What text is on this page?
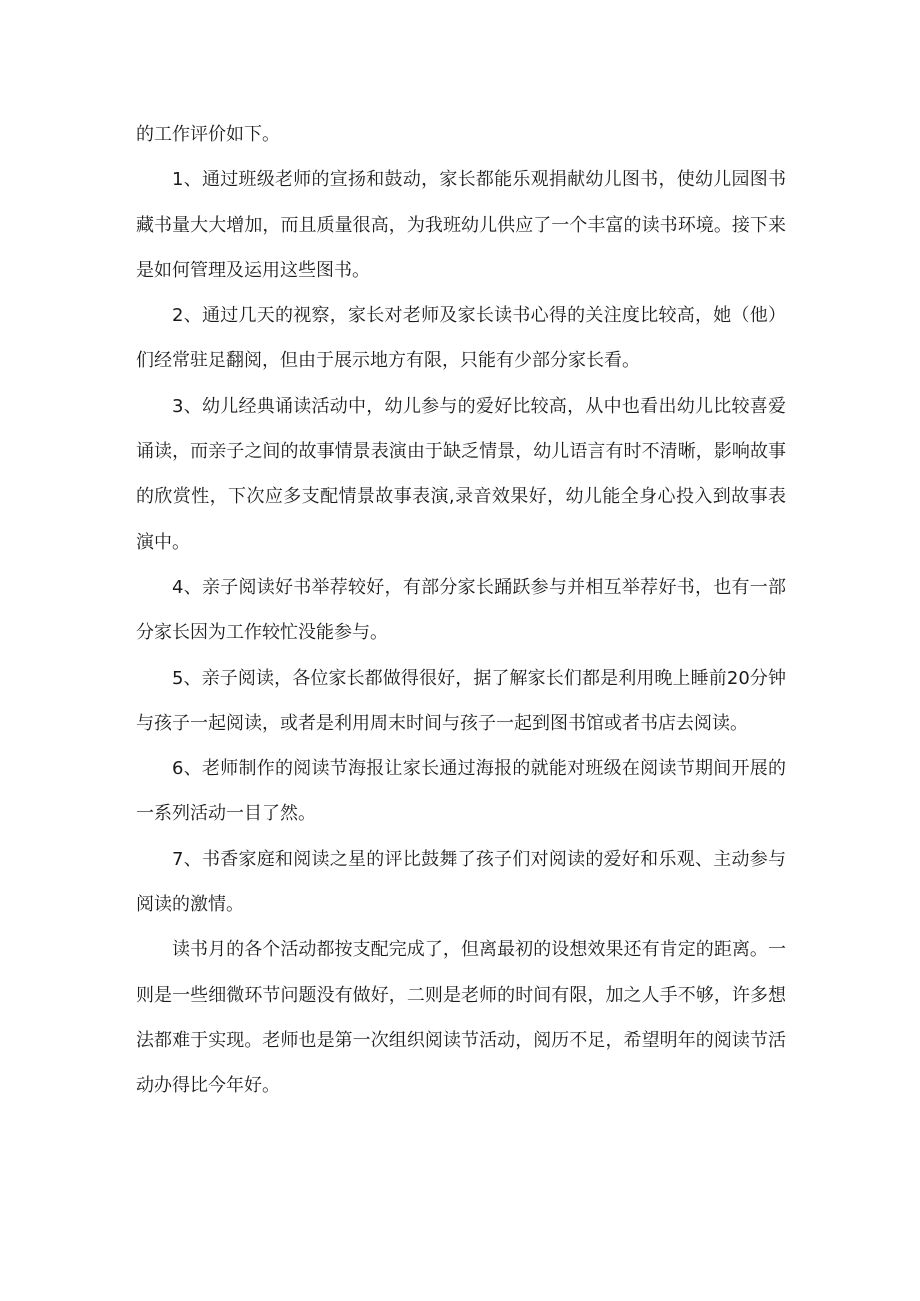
的工作评价如下。

1、通过班级老师的宣扬和鼓动，家长都能乐观捐献幼儿图书，使幼儿园图书藏书量大大增加，而且质量很高，为我班幼儿供应了一个丰富的读书环境。接下来是如何管理及运用这些图书。

2、通过几天的视察，家长对老师及家长读书心得的关注度比较高，她（他）们经常驻足翻阅，但由于展示地方有限，只能有少部分家长看。

3、幼儿经典诵读活动中，幼儿参与的爱好比较高，从中也看出幼儿比较喜爱诵读，而亲子之间的故事情景表演由于缺乏情景，幼儿语言有时不清晰，影响故事的欣赏性，下次应多支配情景故事表演,录音效果好，幼儿能全身心投入到故事表演中。

4、亲子阅读好书举荐较好，有部分家长踊跃参与并相互举荐好书，也有一部分家长因为工作较忙没能参与。

5、亲子阅读，各位家长都做得很好，据了解家长们都是利用晚上睡前20分钟与孩子一起阅读，或者是利用周末时间与孩子一起到图书馆或者书店去阅读。

6、老师制作的阅读节海报让家长通过海报的就能对班级在阅读节期间开展的一系列活动一目了然。

7、书香家庭和阅读之星的评比鼓舞了孩子们对阅读的爱好和乐观、主动参与阅读的激情。

读书月的各个活动都按支配完成了，但离最初的设想效果还有肯定的距离。一则是一些细微环节问题没有做好，二则是老师的时间有限，加之人手不够，许多想法都难于实现。老师也是第一次组织阅读节活动，阅历不足，希望明年的阅读节活动办得比今年好。
